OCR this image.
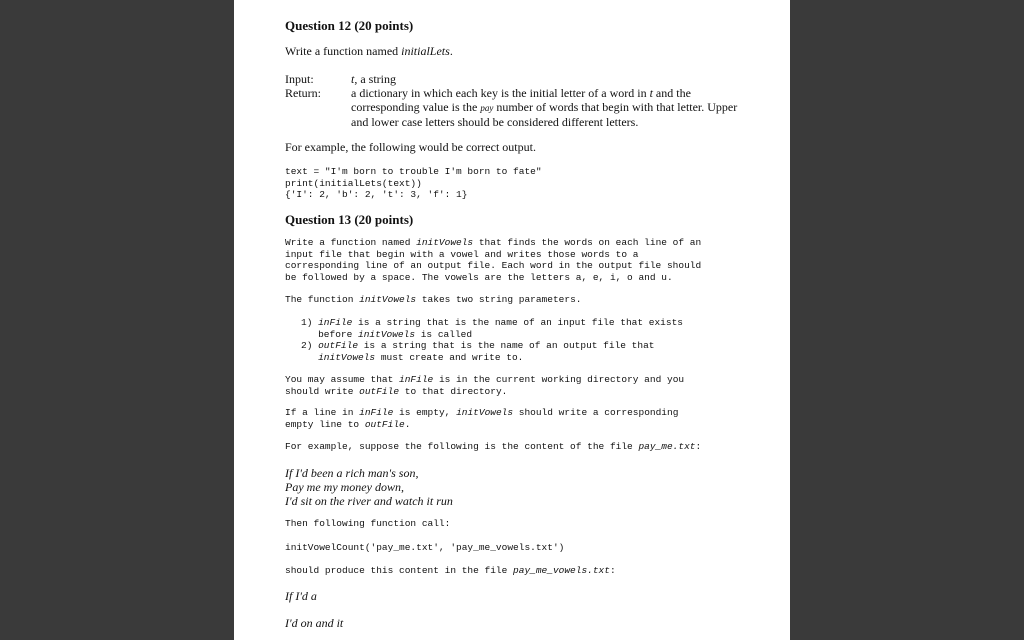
Question 12 (20 points)
Write a function named initialLets.
Input:	t, a string
Return:	a dictionary in which each key is the initial letter of a word in t and the
corresponding value is the pay number of words that begin with that letter. Upper
and lower case letters should be considered different letters.
For example, the following would be correct output.
text = "I'm born to trouble I'm born to fate"
print(initialLets(text))
{'I': 2, 'b': 2, 't': 3, 'f': 1}
Question 13 (20 points)
Write a function named initVowels that finds the words on each line of an
input file that begin with a vowel and writes those words to a
corresponding line of an output file. Each word in the output file should
be followed by a space. The vowels are the letters a, e, i, o and u.
The function initVowels takes two string parameters.
1) inFile is a string that is the name of an input file that exists
before initVowels is called
2) outFile is a string that is the name of an output file that
initVowels must create and write to.
You may assume that inFile is in the current working directory and you
should write outFile to that directory.
If a line in inFile is empty, initVowels should write a corresponding
empty line to outFile.
For example, suppose the following is the content of the file pay_me.txt:
If I'd been a rich man's son,
Pay me my money down,
I'd sit on the river and watch it run
Then following function call:
initVowelCount('pay_me.txt', 'pay_me_vowels.txt')
should produce this content in the file pay_me_vowels.txt:
If I'd a
I'd on and it
